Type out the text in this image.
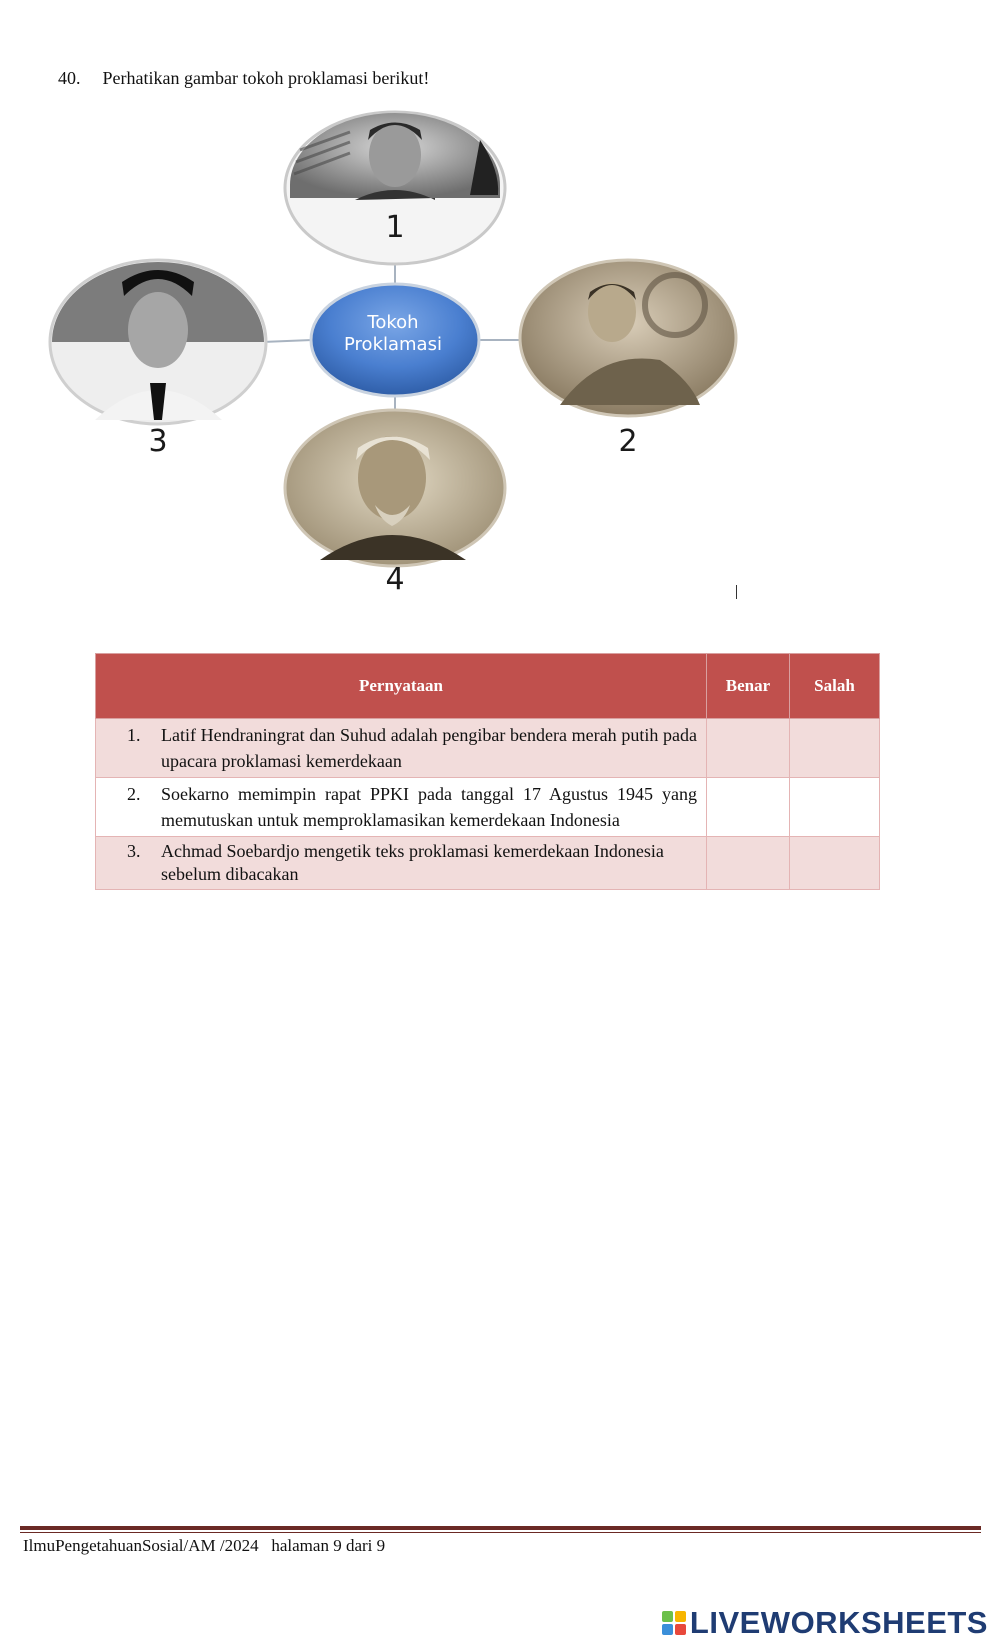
40. Perhatikan gambar tokoh proklamasi berikut!
Tokoh
Proklamasi
1
2
3
4
Pernyataan	Benar	Salah

1. Latif Hendraningrat dan Suhud adalah pengibar bendera merah putih pada upacara proklamasi kemerdekaan		

2. Soekarno memimpin rapat PPKI pada tanggal 17 Agustus 1945 yang memutuskan untuk memproklamasikan kemerdekaan Indonesia		

3. Achmad Soebardjo mengetik teks proklamasi kemerdekaan Indonesia sebelum dibacakan		

IlmuPengetahuanSosial/AM /2024   halaman 9 dari 9
LIVEWORKSHEETS
